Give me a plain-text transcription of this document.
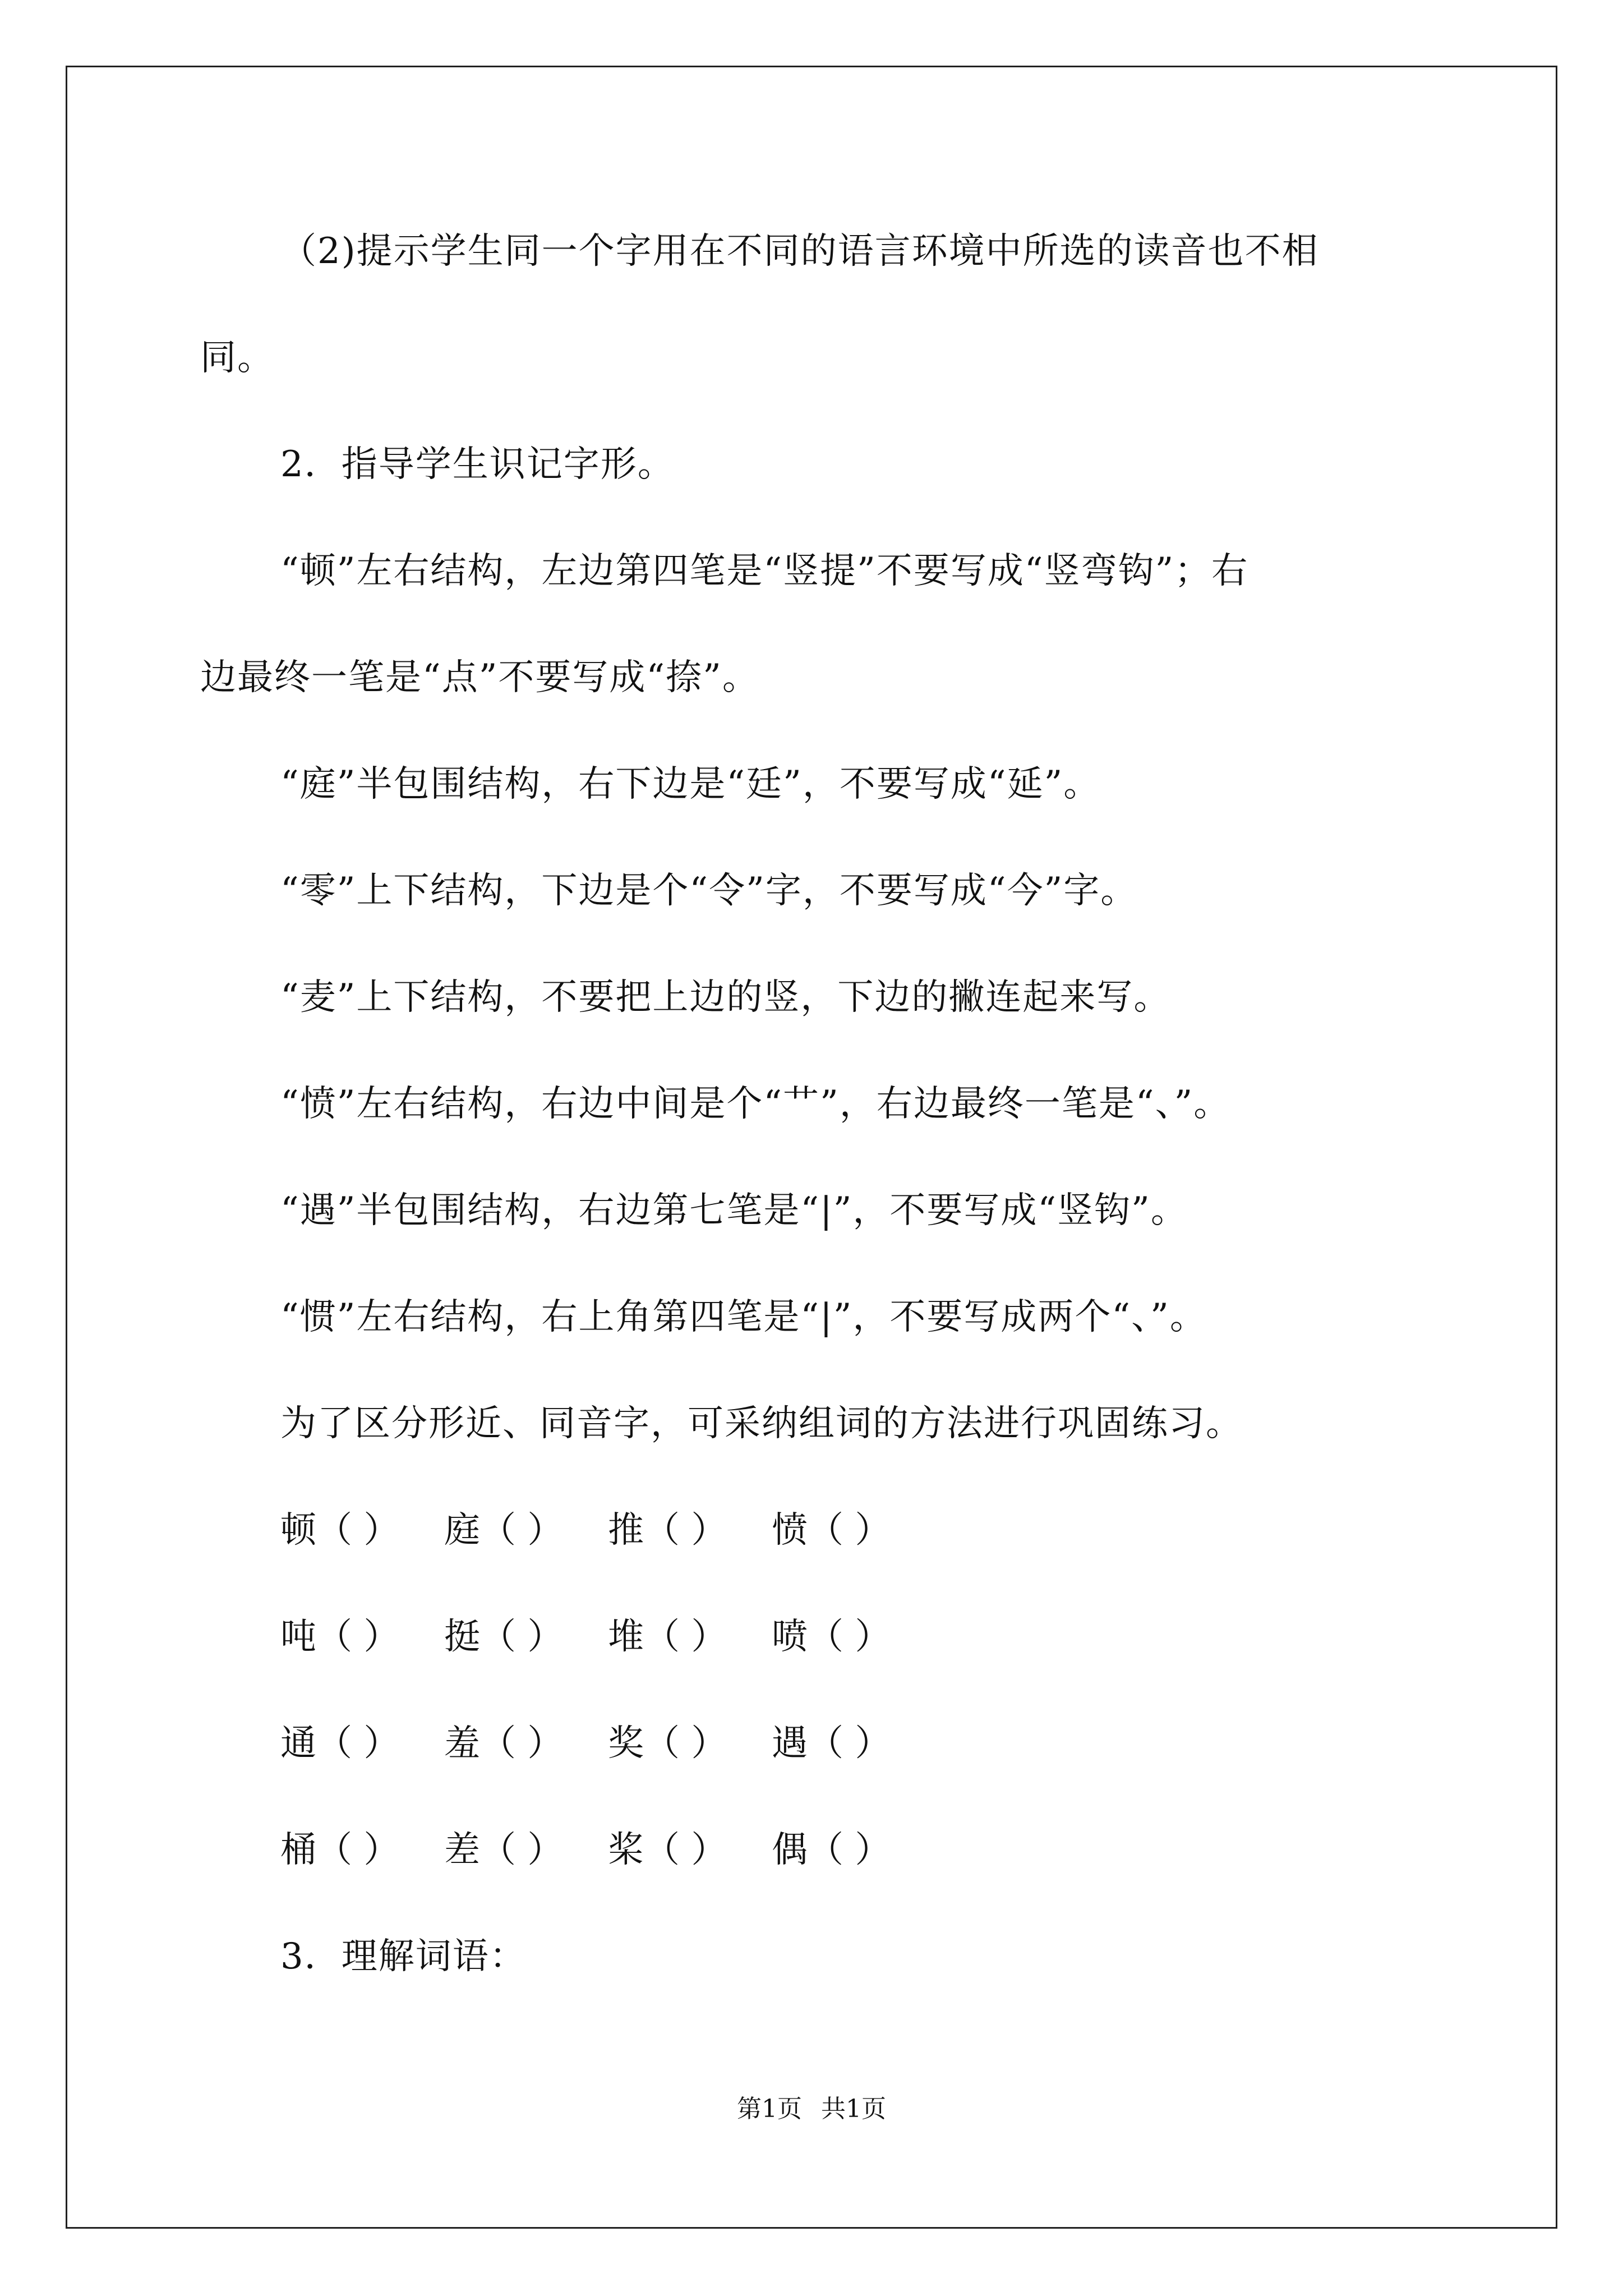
（2)提示学生同一个字用在不同的语言环境中所选的读音也不相
同。
2．指导学生识记字形。
“顿”左右结构，左边第四笔是“竖提”不要写成“竖弯钩”；右
边最终一笔是“点”不要写成“捺”。
“庭”半包围结构，右下边是“廷”，不要写成“延”。
“零”上下结构，下边是个“令”字，不要写成“今”字。
“麦”上下结构，不要把上边的竖，下边的撇连起来写。
“愤”左右结构，右边中间是个“艹”，右边最终一笔是“、”。
“遇”半包围结构，右边第七笔是“|”，不要写成“竖钩”。
“惯”左右结构，右上角第四笔是“|”，不要写成两个“、”。
为了区分形近、同音字，可采纳组词的方法进行巩固练习。
顿（ ） 庭（ ） 推（ ） 愤（ ）
吨（ ） 挺（ ） 堆（ ） 喷（ ）
通（ ） 羞（ ） 奖（ ） 遇（ ）
桶（ ） 差（ ） 桨（ ） 偶（ ）
3．理解词语：
第1页 共1页
